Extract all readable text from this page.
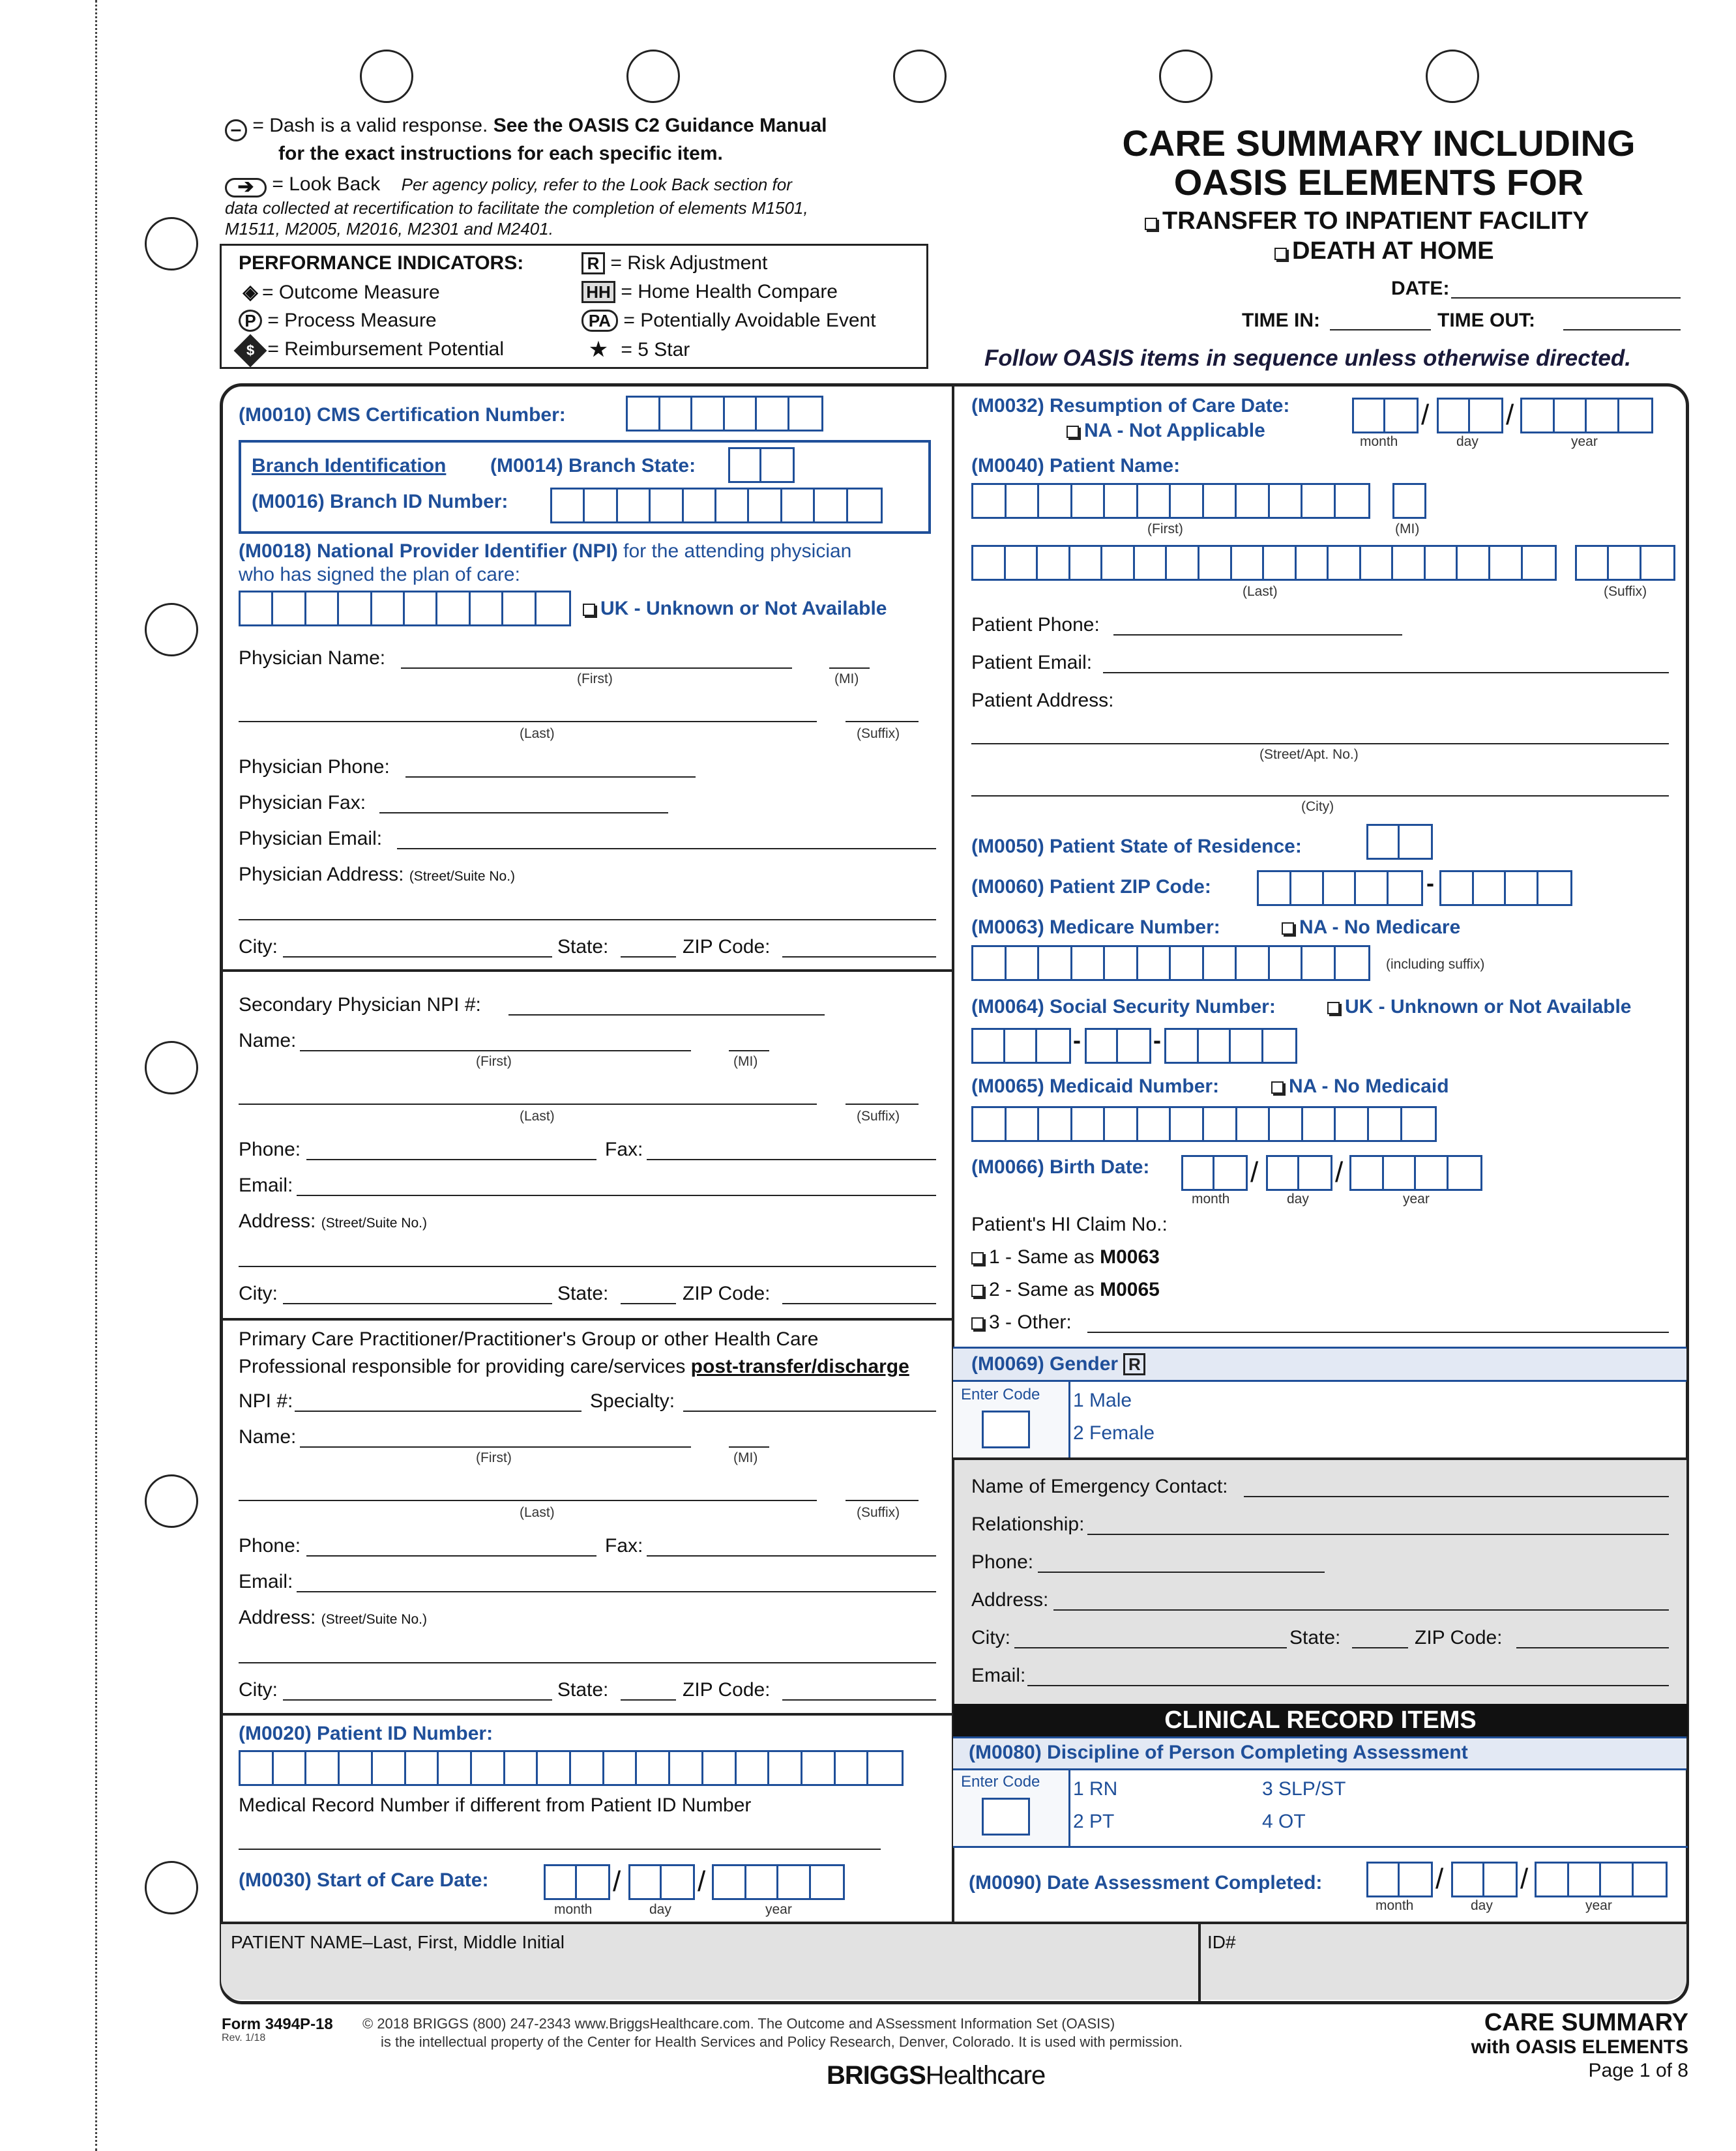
– = Dash is a valid response. See the OASIS C2 Guidance Manual
for the exact instructions for each specific item.
➔ = Look Back Per agency policy, refer to the Look Back section for
data collected at recertification to facilitate the completion of elements M1501,
M1511, M2005, M2016, M2301 and M2401.
PERFORMANCE INDICATORS:
◈ = Outcome Measure
P = Process Measure
$ = Reimbursement Potential
R = Risk Adjustment
HH = Home Health Compare
PA = Potentially Avoidable Event
★ = 5 Star
CARE SUMMARY INCLUDING
OASIS ELEMENTS FOR
TRANSFER TO INPATIENT FACILITY
DEATH AT HOME
DATE:
TIME IN:	TIME OUT:
Follow OASIS items in sequence unless otherwise directed.
PATIENT NAME–Last, First, Middle Initial	ID#
(M0010) CMS Certification Number:
Branch Identification (M0014) Branch State:
(M0016) Branch ID Number:
(M0018) National Provider Identifier (NPI) for the attending physician
who has signed the plan of care:
UK - Unknown or Not Available
Physician Name:
(First)	(MI)
(Last)	(Suffix)
Physician Phone:
Physician Fax:
Physician Email:
Physician Address: (Street/Suite No.)
City:	State:	ZIP Code:
Secondary Physician NPI #:
Name:
(First)	(MI)
(Last)	(Suffix)
Phone:	Fax:
Email:
Address: (Street/Suite No.)
City:	State:	ZIP Code:
Primary Care Practitioner/Practitioner's Group or other Health Care
Professional responsible for providing care/services post-transfer/discharge
NPI #:	Specialty:
Name:
(First)	(MI)
(Last)	(Suffix)
Phone:	Fax:
Email:
Address: (Street/Suite No.)
City:	State:	ZIP Code:
(M0020) Patient ID Number:
Medical Record Number if different from Patient ID Number
(M0030) Start of Care Date:	/	/
month	day	year
(M0032) Resumption of Care Date:
NA - Not Applicable	/	/
month	day	year
(M0040) Patient Name:
(First)	(MI)
(Last)	(Suffix)
Patient Phone:
Patient Email:
Patient Address:
(Street/Apt. No.)
(City)
(M0050) Patient State of Residence:
(M0060) Patient ZIP Code:	-
(M0063) Medicare Number:	NA - No Medicare
(including suffix)
(M0064) Social Security Number:	UK - Unknown or Not Available
-	-
(M0065) Medicaid Number:	NA - No Medicaid
(M0066) Birth Date:	/	/
month	day	year
Patient's HI Claim No.:
1 - Same as M0063
2 - Same as M0065
3 - Other:
(M0069) Gender R
Enter Code 1 Male
2 Female
Name of Emergency Contact:
Relationship:
Phone:
Address:
City:	State:	ZIP Code:
Email:
CLINICAL RECORD ITEMS
(M0080) Discipline of Person Completing Assessment
Enter Code 1 RN
2 PT
3 SLP/ST
4 OT
(M0090) Date Assessment Completed:	/	/
month	day	year
Form 3494P-18
Rev. 1/18
© 2018 BRIGGS (800) 247-2343 www.BriggsHealthcare.com. The Outcome and ASsessment Information Set (OASIS)
is the intellectual property of the Center for Health Services and Policy Research, Denver, Colorado. It is used with permission.
BRIGGSHealthcare
CARE SUMMARY
with OASIS ELEMENTS
Page 1 of 8
